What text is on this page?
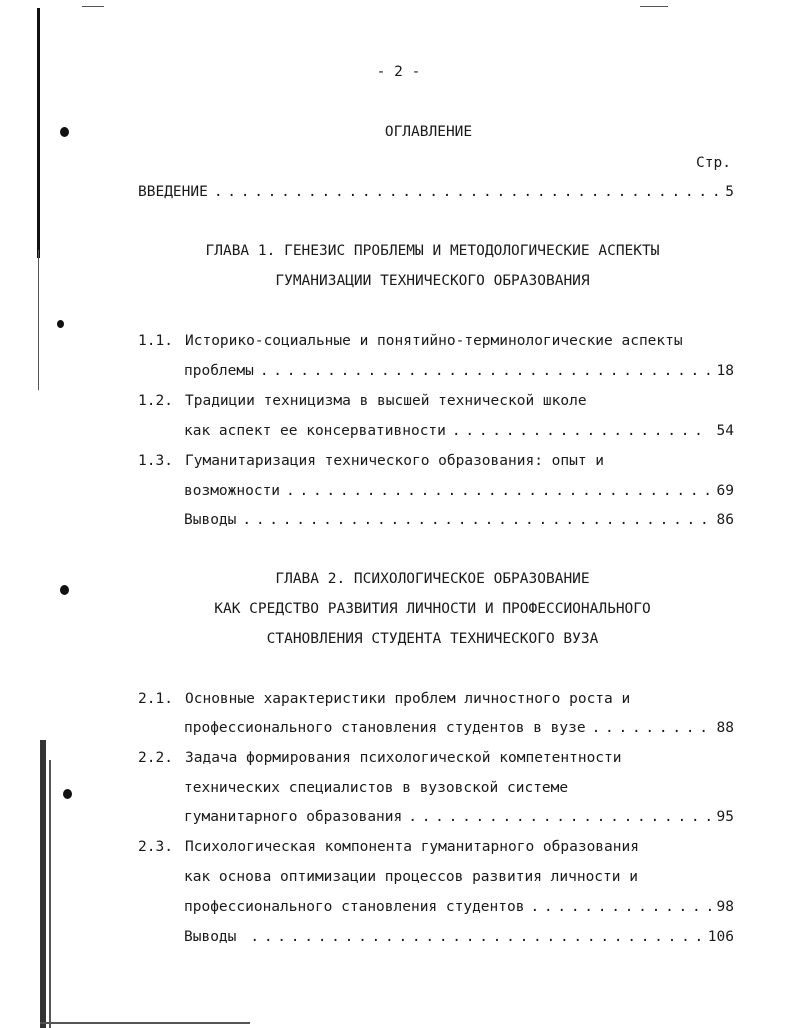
- 2 -
ОГЛАВЛЕНИЕ
Стр.
ВВЕДЕНИЕ . . .	5
ГЛАВА 1. ГЕНЕЗИС ПРОБЛЕМЫ И МЕТОДОЛОГИЧЕСКИЕ АСПЕКТЫ
ГУМАНИЗАЦИИ ТЕХНИЧЕСКОГО ОБРАЗОВАНИЯ
1.1. Историко-социальные и понятийно-терминологические аспекты
проблемы . . .	18
1.2. Традиции техницизма в высшей технической школе
как аспект ее консервативности . . .	54
1.3. Гуманитаризация технического образования: опыт и
возможности . . .	69
Выводы . . .	86
ГЛАВА 2. ПСИХОЛОГИЧЕСКОЕ ОБРАЗОВАНИЕ
КАК СРЕДСТВО РАЗВИТИЯ ЛИЧНОСТИ И ПРОФЕССИОНАЛЬНОГО
СТАНОВЛЕНИЯ СТУДЕНТА ТЕХНИЧЕСКОГО ВУЗА
2.1. Основные характеристики проблем личностного роста и
профессионального становления студентов в вузе . . .	88
2.2. Задача формирования психологической компетентности
технических специалистов в вузовской системе
гуманитарного образования . . .	95
2.3. Психологическая компонента гуманитарного образования
как основа оптимизации процессов развития личности и
профессионального становления студентов . . .	98
Выводы . . .	106
